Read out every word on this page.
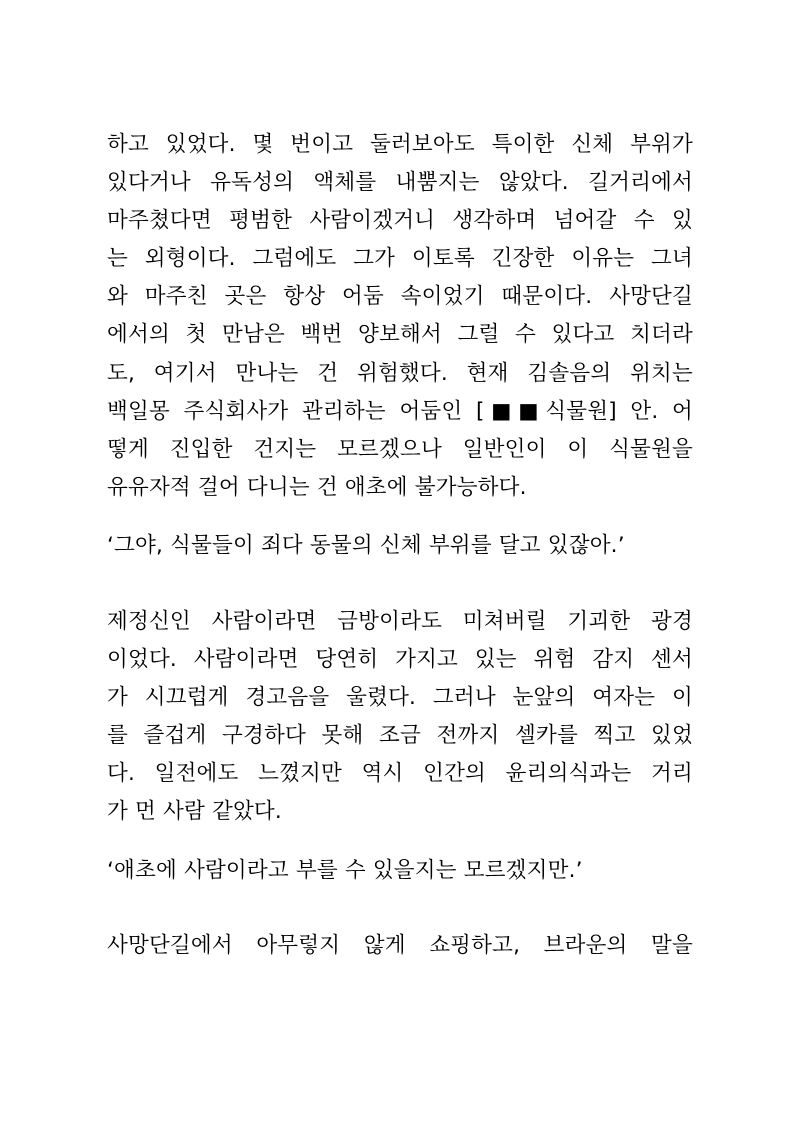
하고 있었다. 몇 번이고 둘러보아도 특이한 신체 부위가
있다거나 유독성의 액체를 내뿜지는 않았다. 길거리에서
마주쳤다면 평범한 사람이겠거니 생각하며 넘어갈 수 있
는 외형이다. 그럼에도 그가 이토록 긴장한 이유는 그녀
와 마주친 곳은 항상 어둠 속이었기 때문이다. 사망단길
에서의 첫 만남은 백번 양보해서 그럴 수 있다고 치더라
도, 여기서 만나는 건 위험했다. 현재 김솔음의 위치는
백일몽 주식회사가 관리하는 어둠인 [■■식물원] 안. 어
떻게 진입한 건지는 모르겠으나 일반인이 이 식물원을
유유자적 걸어 다니는 건 애초에 불가능하다.
‘그야, 식물들이 죄다 동물의 신체 부위를 달고 있잖아.’
제정신인 사람이라면 금방이라도 미쳐버릴 기괴한 광경
이었다. 사람이라면 당연히 가지고 있는 위험 감지 센서
가 시끄럽게 경고음을 울렸다. 그러나 눈앞의 여자는 이
를 즐겁게 구경하다 못해 조금 전까지 셀카를 찍고 있었
다. 일전에도 느꼈지만 역시 인간의 윤리의식과는 거리
가 먼 사람 같았다.
‘애초에 사람이라고 부를 수 있을지는 모르겠지만.’
사망단길에서 아무렇지 않게 쇼핑하고, 브라운의 말을
